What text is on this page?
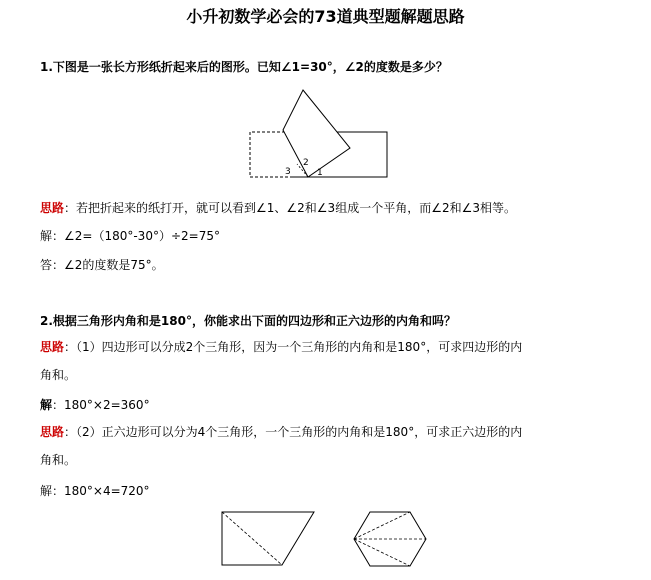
小升初数学必会的73道典型题解题思路
1.下图是一张长方形纸折起来后的图形。已知∠1=30°，∠2的度数是多少？
3
2
1
思路：若把折起来的纸打开，就可以看到∠1、∠2和∠3组成一个平角，而∠2和∠3相等。
解：∠2=（180°-30°）÷2=75°
答：∠2的度数是75°。
2.根据三角形内角和是180°，你能求出下面的四边形和正六边形的内角和吗？
思路：（1）四边形可以分成2个三角形，因为一个三角形的内角和是180°，可求四边形的内
角和。
解：180°×2=360°
思路：（2）正六边形可以分为4个三角形，一个三角形的内角和是180°，可求正六边形的内
角和。
解：180°×4=720°
